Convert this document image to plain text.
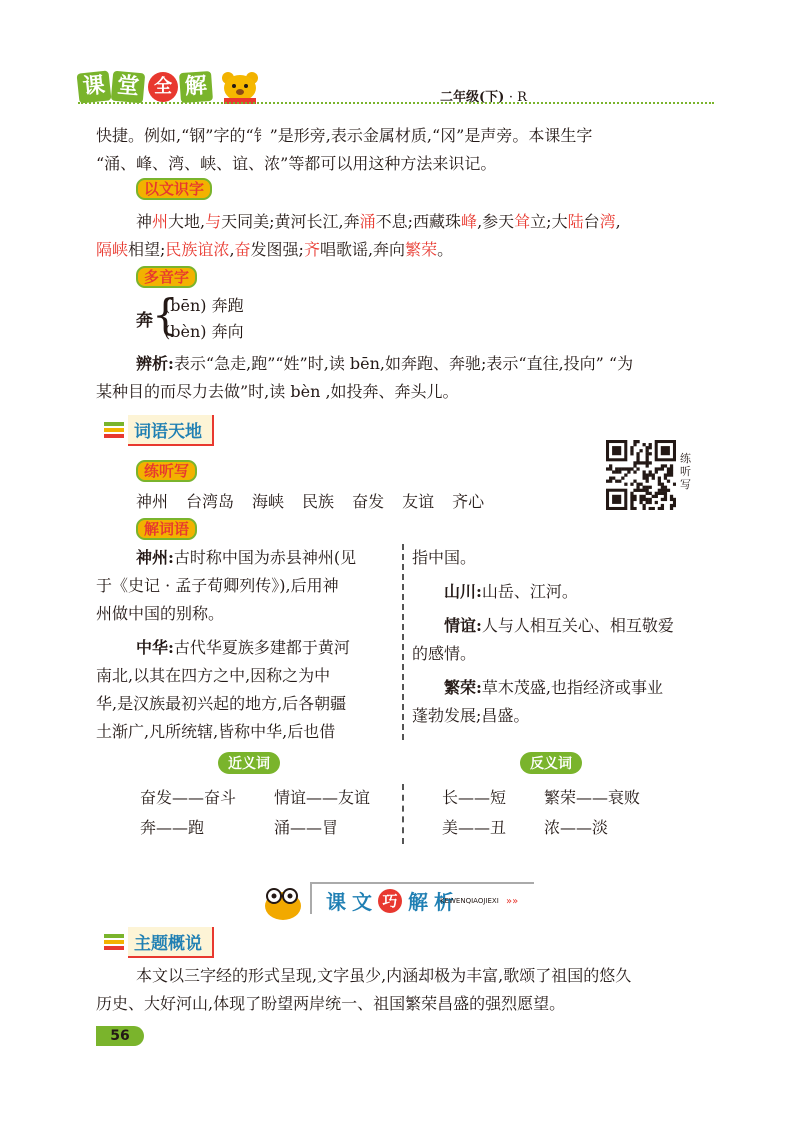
课 堂 全 解	二年级(下) · R
快捷。例如,“钢”字的“钅”是形旁,表示金属材质,“冈”是声旁。本课生字
“涌、峰、湾、峡、谊、浓”等都可以用这种方法来识记。
以文识字
神州大地,与天同美;黄河长江,奔涌不息;西藏珠峰,参天耸立;大陆台湾,
隔峡相望;民族谊浓,奋发图强;齐唱歌谣,奔向繁荣。
多音字
奔 {
(bēn) 奔跑
(bèn) 奔向
辨析:表示“急走,跑”“姓”时,读 bēn,如奔跑、奔驰;表示“直往,投向” “为
某种目的而尽力去做”时,读 bèn ,如投奔、奔头儿。
词语天地
练听写
练听写
神州 台湾岛 海峡 民族 奋发 友谊 齐心
解词语
神州:古时称中国为赤县神州(见
于《史记 · 孟子荀卿列传》),后用神
州做中国的别称。
中华:古代华夏族多建都于黄河
南北,以其在四方之中,因称之为中
华,是汉族最初兴起的地方,后各朝疆
土渐广,凡所统辖,皆称中华,后也借
指中国。
山川:山岳、江河。
情谊:人与人相互关心、相互敬爱
的感情。
繁荣:草木茂盛,也指经济或事业
蓬勃发展;昌盛。
近义词	反义词
奋发——奋斗 情谊——友谊
奔——跑	涌——冒
长——短 繁荣——衰败
美——丑 浓——淡
课 文 巧 解 析
KEWENQIAOJIEXI »»
主题概说
本文以三字经的形式呈现,文字虽少,内涵却极为丰富,歌颂了祖国的悠久
历史、大好河山,体现了盼望两岸统一、祖国繁荣昌盛的强烈愿望。
56
